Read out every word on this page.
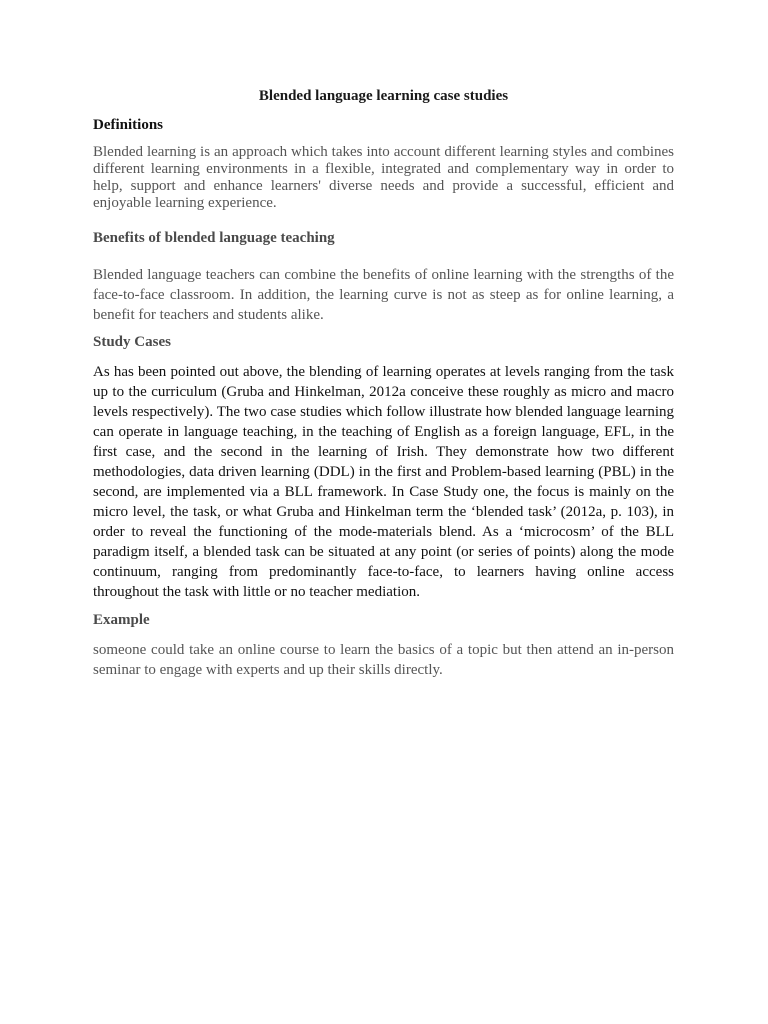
Blended language learning case studies
Definitions

Blended learning is an approach which takes into account different learning styles and combines different learning environments in a flexible, integrated and complementary way in order to help, support and enhance learners' diverse needs and provide a successful, efficient and enjoyable learning experience.

Benefits of blended language teaching

Blended language teachers can combine the benefits of online learning with the strengths of the face-to-face classroom. In addition, the learning curve is not as steep as for online learning, a benefit for teachers and students alike.

Study Cases

As has been pointed out above, the blending of learning operates at levels ranging from the task up to the curriculum (Gruba and Hinkelman, 2012a conceive these roughly as micro and macro levels respectively). The two case studies which follow illustrate how blended language learning can operate in language teaching, in the teaching of English as a foreign language, EFL, in the first case, and the second in the learning of Irish. They demonstrate how two different methodologies, data driven learning (DDL) in the first and Problem-based learning (PBL) in the second, are implemented via a BLL framework. In Case Study one, the focus is mainly on the micro level, the task, or what Gruba and Hinkelman term the ‘blended task’ (2012a, p. 103), in order to reveal the functioning of the mode-materials blend. As a ‘microcosm’ of the BLL paradigm itself, a blended task can be situated at any point (or series of points) along the mode continuum, ranging from predominantly face-to-face, to learners having online access throughout the task with little or no teacher mediation.

Example

someone could take an online course to learn the basics of a topic but then attend an in-person seminar to engage with experts and up their skills directly.
